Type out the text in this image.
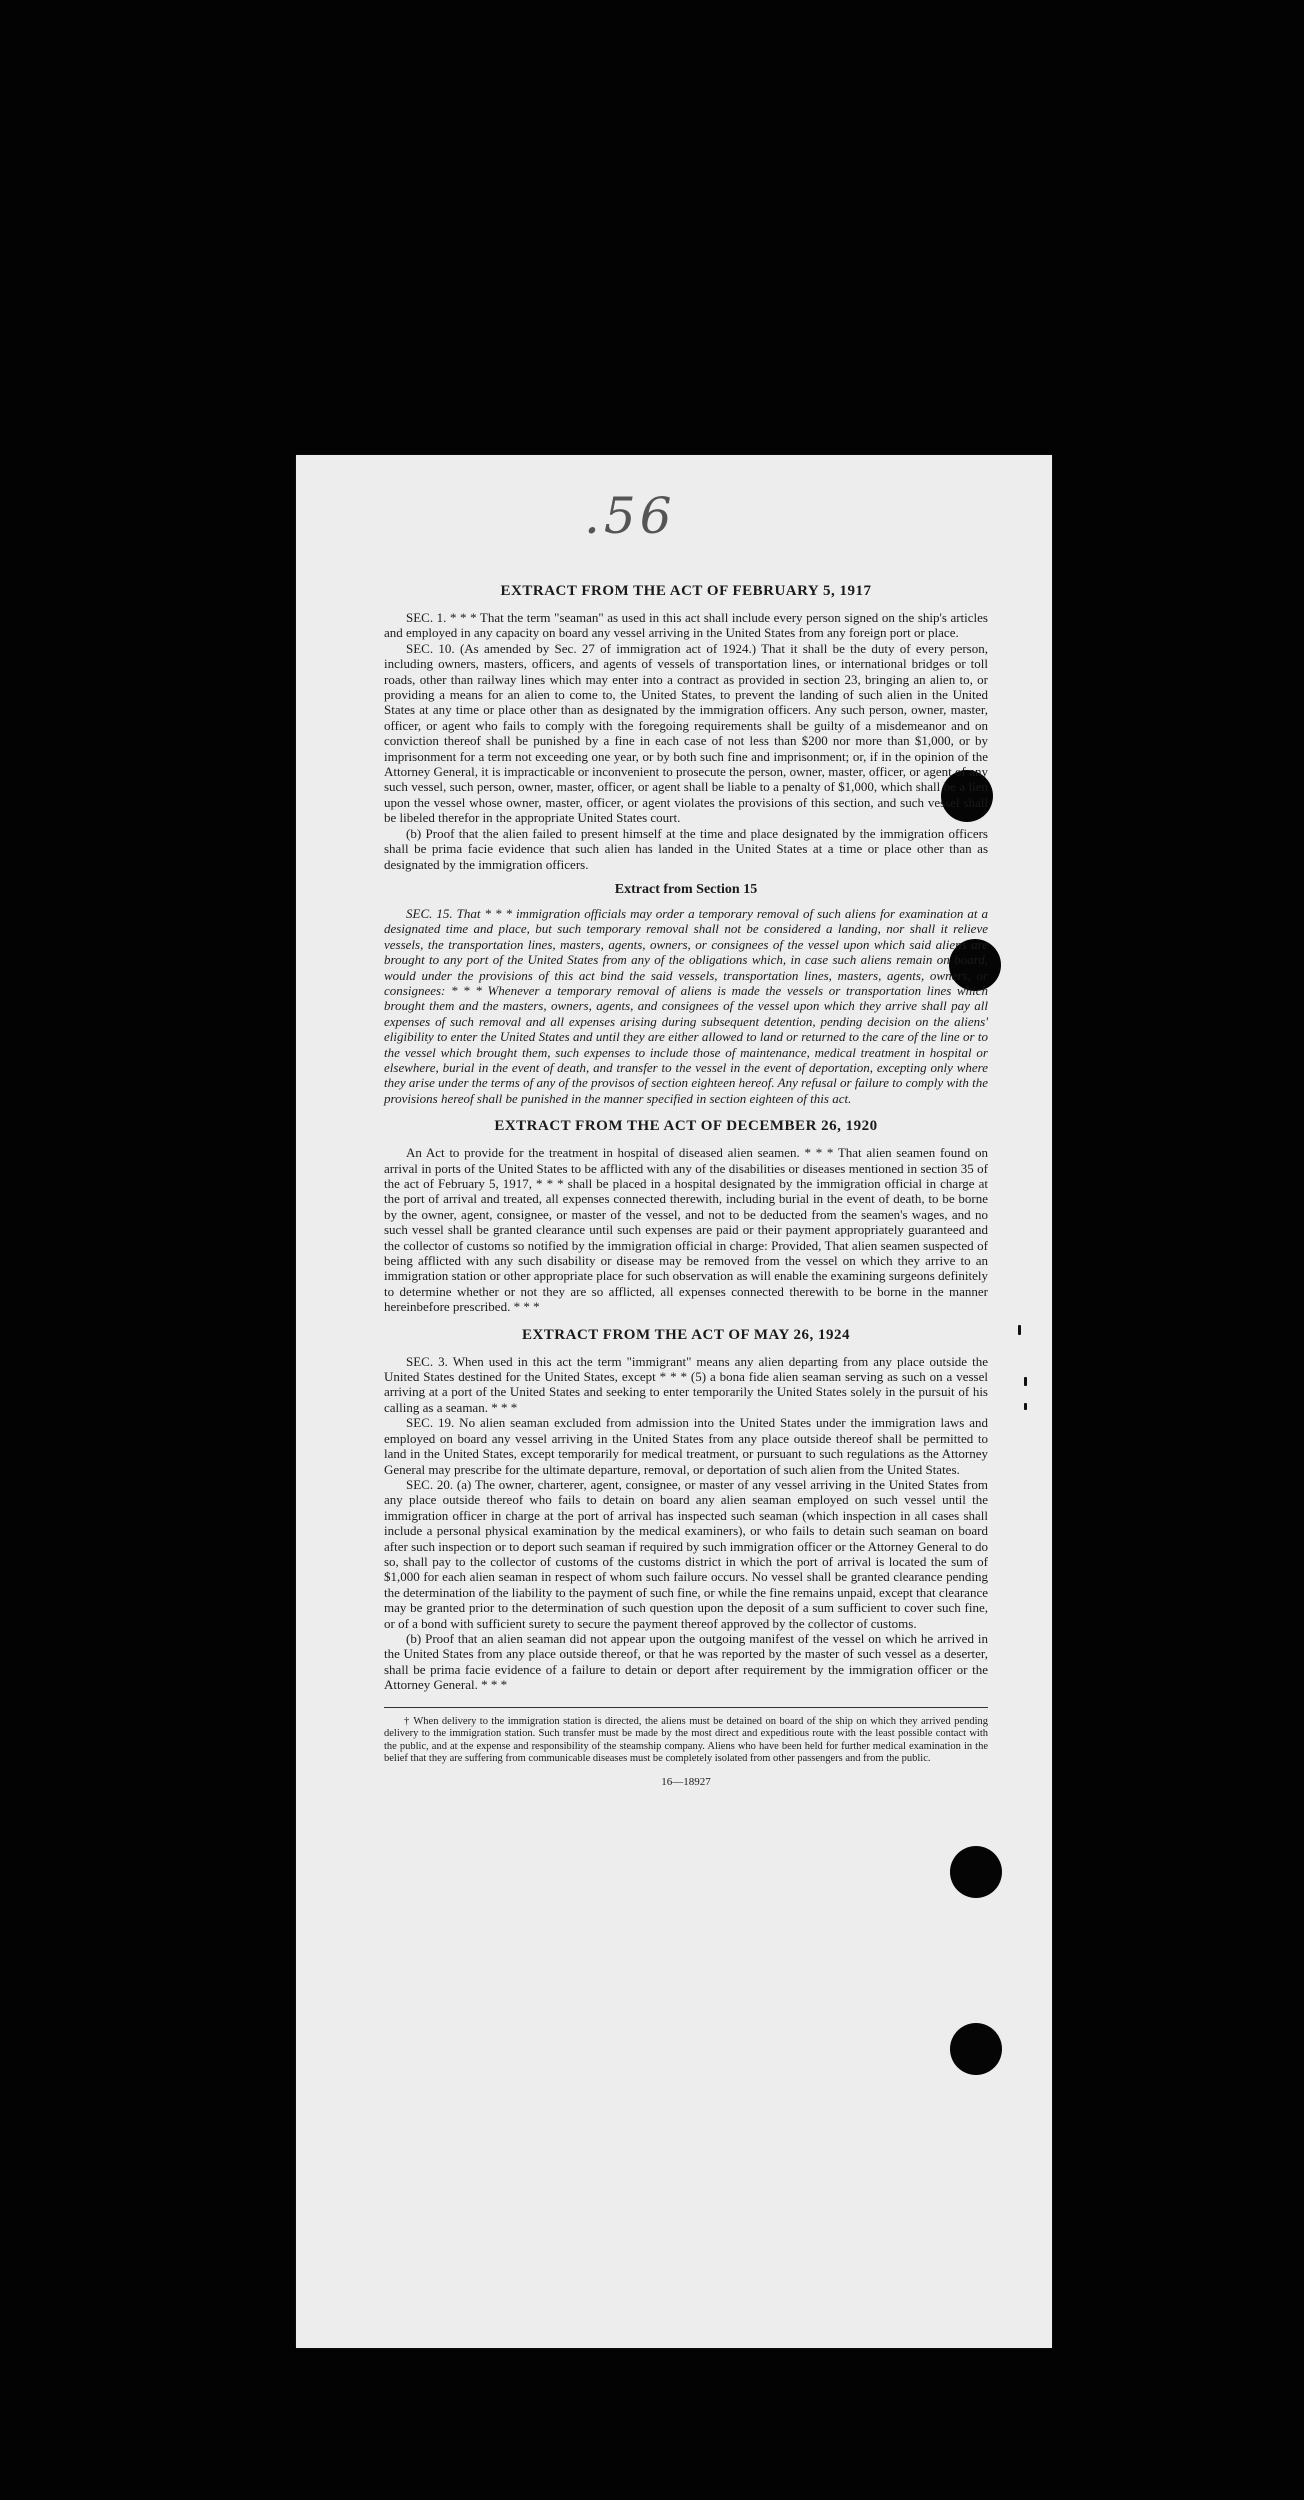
.56
EXTRACT FROM THE ACT OF FEBRUARY 5, 1917

SEC. 1. * * * That the term "seaman" as used in this act shall include every person signed on the ship's articles and employed in any capacity on board any vessel arriving in the United States from any foreign port or place.

SEC. 10. (As amended by Sec. 27 of immigration act of 1924.) That it shall be the duty of every person, including owners, masters, officers, and agents of vessels of transportation lines, or international bridges or toll roads, other than railway lines which may enter into a contract as provided in section 23, bringing an alien to, or providing a means for an alien to come to, the United States, to prevent the landing of such alien in the United States at any time or place other than as designated by the immigration officers. Any such person, owner, master, officer, or agent who fails to comply with the foregoing requirements shall be guilty of a misdemeanor and on conviction thereof shall be punished by a fine in each case of not less than $200 nor more than $1,000, or by imprisonment for a term not exceeding one year, or by both such fine and imprisonment; or, if in the opinion of the Attorney General, it is impracticable or inconvenient to prosecute the person, owner, master, officer, or agent of any such vessel, such person, owner, master, officer, or agent shall be liable to a penalty of $1,000, which shall be a lien upon the vessel whose owner, master, officer, or agent violates the provisions of this section, and such vessel shall be libeled therefor in the appropriate United States court.

(b) Proof that the alien failed to present himself at the time and place designated by the immigration officers shall be prima facie evidence that such alien has landed in the United States at a time or place other than as designated by the immigration officers.

Extract from Section 15

SEC. 15. That * * * immigration officials may order a temporary removal of such aliens for examination at a designated time and place, but such temporary removal shall not be considered a landing, nor shall it relieve vessels, the transportation lines, masters, agents, owners, or consignees of the vessel upon which said aliens are brought to any port of the United States from any of the obligations which, in case such aliens remain on board, would under the provisions of this act bind the said vessels, transportation lines, masters, agents, owners, or consignees: * * * Whenever a temporary removal of aliens is made the vessels or transportation lines which brought them and the masters, owners, agents, and consignees of the vessel upon which they arrive shall pay all expenses of such removal and all expenses arising during subsequent detention, pending decision on the aliens' eligibility to enter the United States and until they are either allowed to land or returned to the care of the line or to the vessel which brought them, such expenses to include those of maintenance, medical treatment in hospital or elsewhere, burial in the event of death, and transfer to the vessel in the event of deportation, excepting only where they arise under the terms of any of the provisos of section eighteen hereof. Any refusal or failure to comply with the provisions hereof shall be punished in the manner specified in section eighteen of this act.

EXTRACT FROM THE ACT OF DECEMBER 26, 1920

An Act to provide for the treatment in hospital of diseased alien seamen. * * * That alien seamen found on arrival in ports of the United States to be afflicted with any of the disabilities or diseases mentioned in section 35 of the act of February 5, 1917, * * * shall be placed in a hospital designated by the immigration official in charge at the port of arrival and treated, all expenses connected therewith, including burial in the event of death, to be borne by the owner, agent, consignee, or master of the vessel, and not to be deducted from the seamen's wages, and no such vessel shall be granted clearance until such expenses are paid or their payment appropriately guaranteed and the collector of customs so notified by the immigration official in charge: Provided, That alien seamen suspected of being afflicted with any such disability or disease may be removed from the vessel on which they arrive to an immigration station or other appropriate place for such observation as will enable the examining surgeons definitely to determine whether or not they are so afflicted, all expenses connected therewith to be borne in the manner hereinbefore prescribed. * * *

EXTRACT FROM THE ACT OF MAY 26, 1924

SEC. 3. When used in this act the term "immigrant" means any alien departing from any place outside the United States destined for the United States, except * * * (5) a bona fide alien seaman serving as such on a vessel arriving at a port of the United States and seeking to enter temporarily the United States solely in the pursuit of his calling as a seaman. * * *

SEC. 19. No alien seaman excluded from admission into the United States under the immigration laws and employed on board any vessel arriving in the United States from any place outside thereof shall be permitted to land in the United States, except temporarily for medical treatment, or pursuant to such regulations as the Attorney General may prescribe for the ultimate departure, removal, or deportation of such alien from the United States.

SEC. 20. (a) The owner, charterer, agent, consignee, or master of any vessel arriving in the United States from any place outside thereof who fails to detain on board any alien seaman employed on such vessel until the immigration officer in charge at the port of arrival has inspected such seaman (which inspection in all cases shall include a personal physical examination by the medical examiners), or who fails to detain such seaman on board after such inspection or to deport such seaman if required by such immigration officer or the Attorney General to do so, shall pay to the collector of customs of the customs district in which the port of arrival is located the sum of $1,000 for each alien seaman in respect of whom such failure occurs. No vessel shall be granted clearance pending the determination of the liability to the payment of such fine, or while the fine remains unpaid, except that clearance may be granted prior to the determination of such question upon the deposit of a sum sufficient to cover such fine, or of a bond with sufficient surety to secure the payment thereof approved by the collector of customs.

(b) Proof that an alien seaman did not appear upon the outgoing manifest of the vessel on which he arrived in the United States from any place outside thereof, or that he was reported by the master of such vessel as a deserter, shall be prima facie evidence of a failure to detain or deport after requirement by the immigration officer or the Attorney General. * * *

† When delivery to the immigration station is directed, the aliens must be detained on board of the ship on which they arrived pending delivery to the immigration station. Such transfer must be made by the most direct and expeditious route with the least possible contact with the public, and at the expense and responsibility of the steamship company. Aliens who have been held for further medical examination in the belief that they are suffering from communicable diseases must be completely isolated from other passengers and from the public.

16—18927
